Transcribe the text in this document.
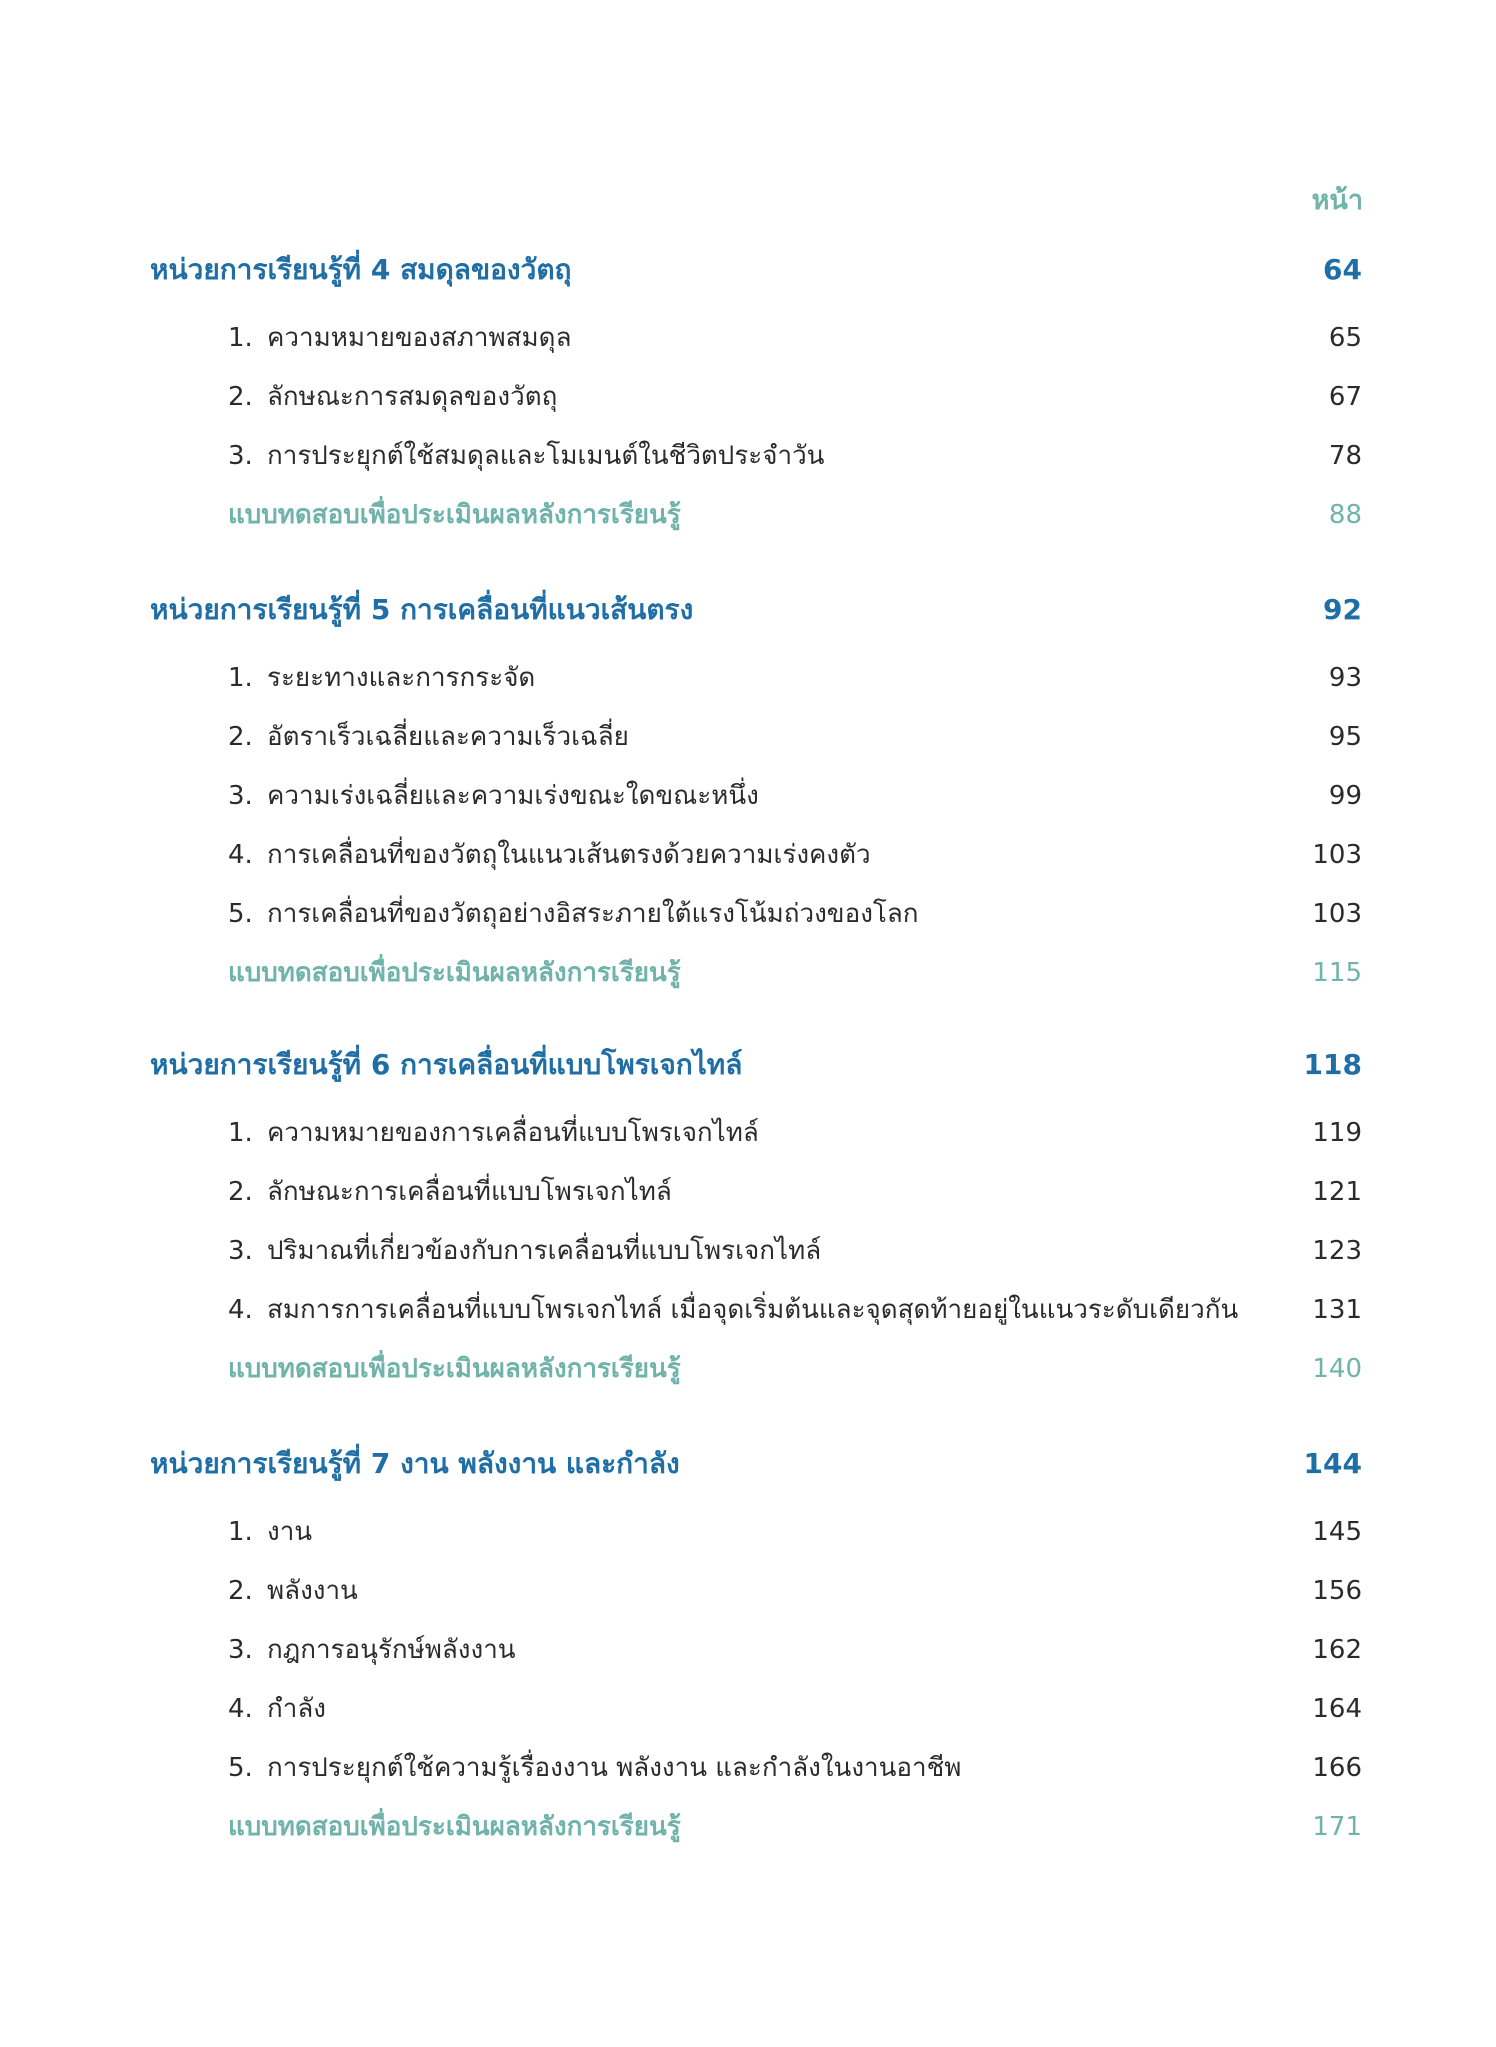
หน้า
หน่วยการเรียนรู้ที่ 4 สมดุลของวัตถุ	64
1. ความหมายของสภาพสมดุล	65
2. ลักษณะการสมดุลของวัตถุ	67
3. การประยุกต์ใช้สมดุลและโมเมนต์ในชีวิตประจำวัน	78
แบบทดสอบเพื่อประเมินผลหลังการเรียนรู้	88
หน่วยการเรียนรู้ที่ 5 การเคลื่อนที่แนวเส้นตรง	92
1. ระยะทางและการกระจัด	93
2. อัตราเร็วเฉลี่ยและความเร็วเฉลี่ย	95
3. ความเร่งเฉลี่ยและความเร่งขณะใดขณะหนึ่ง	99
4. การเคลื่อนที่ของวัตถุในแนวเส้นตรงด้วยความเร่งคงตัว	103
5. การเคลื่อนที่ของวัตถุอย่างอิสระภายใต้แรงโน้มถ่วงของโลก	103
แบบทดสอบเพื่อประเมินผลหลังการเรียนรู้	115
หน่วยการเรียนรู้ที่ 6 การเคลื่อนที่แบบโพรเจกไทล์	118
1. ความหมายของการเคลื่อนที่แบบโพรเจกไทล์	119
2. ลักษณะการเคลื่อนที่แบบโพรเจกไทล์	121
3. ปริมาณที่เกี่ยวข้องกับการเคลื่อนที่แบบโพรเจกไทล์	123
4. สมการการเคลื่อนที่แบบโพรเจกไทล์ เมื่อจุดเริ่มต้นและจุดสุดท้ายอยู่ในแนวระดับเดียวกัน	131
แบบทดสอบเพื่อประเมินผลหลังการเรียนรู้	140
หน่วยการเรียนรู้ที่ 7 งาน พลังงาน และกำลัง	144
1. งาน	145
2. พลังงาน	156
3. กฎการอนุรักษ์พลังงาน	162
4. กำลัง	164
5. การประยุกต์ใช้ความรู้เรื่องงาน พลังงาน และกำลังในงานอาชีพ	166
แบบทดสอบเพื่อประเมินผลหลังการเรียนรู้	171
